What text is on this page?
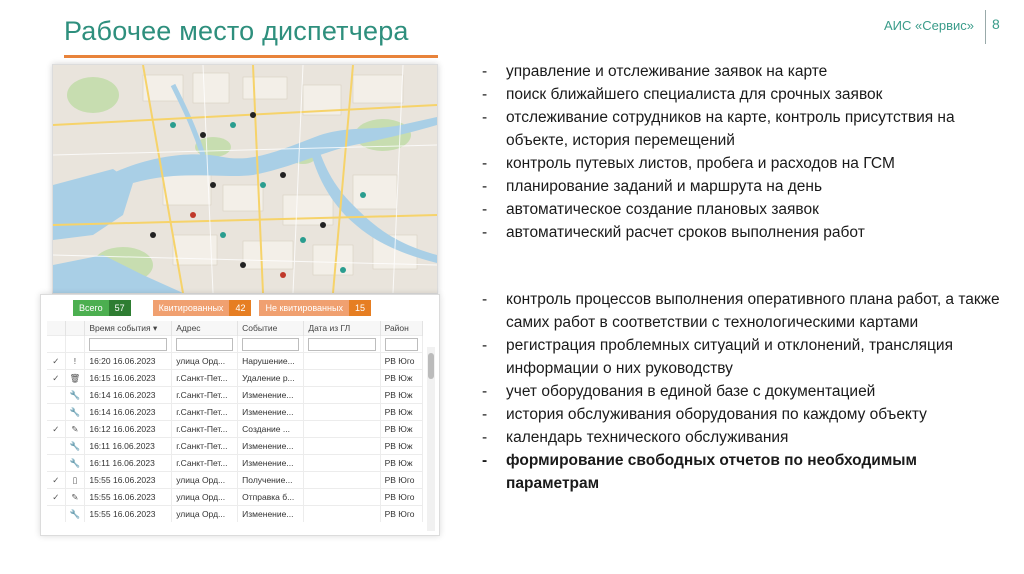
Рабочее место диспетчера	АИС «Сервис» 8
Всего	57	Квитированных	42	Не квитированных	15
		Время события ▾	Адрес	Событие	Дата из ГЛ	Район

✓	!	16:20 16.06.2023	улица Орд...	Нарушение...		РВ Юго
✓	🗑	16:15 16.06.2023	г.Санкт-Пет...	Удаление р...		РВ Юж
	🔧	16:14 16.06.2023	г.Санкт-Пет...	Изменение...		РВ Юж
	🔧	16:14 16.06.2023	г.Санкт-Пет...	Изменение...		РВ Юж
✓	✎	16:12 16.06.2023	г.Санкт-Пет...	Создание ...		РВ Юж
	🔧	16:11 16.06.2023	г.Санкт-Пет...	Изменение...		РВ Юж
	🔧	16:11 16.06.2023	г.Санкт-Пет...	Изменение...		РВ Юж
✓	▯	15:55 16.06.2023	улица Орд...	Получение...		РВ Юго
✓	✎	15:55 16.06.2023	улица Орд...	Отправка б...		РВ Юго
	🔧	15:55 16.06.2023	улица Орд...	Изменение...		РВ Юго
- управление и отслеживание заявок на карте
- поиск ближайшего специалиста для срочных заявок
- отслеживание сотрудников на карте, контроль присутствия на объекте, история перемещений
- контроль путевых листов, пробега и расходов на ГСМ
- планирование заданий и маршрута на день
- автоматическое создание плановых заявок
- автоматический расчет сроков выполнения работ
- контроль процессов выполнения оперативного плана работ, а также самих работ в соответствии с технологическими картами
- регистрация проблемных ситуаций и отклонений, трансляция информации о них руководству
- учет оборудования в единой базе с документацией
- история обслуживания оборудования по каждому объекту
- календарь технического обслуживания
- формирование свободных отчетов по необходимым параметрам
